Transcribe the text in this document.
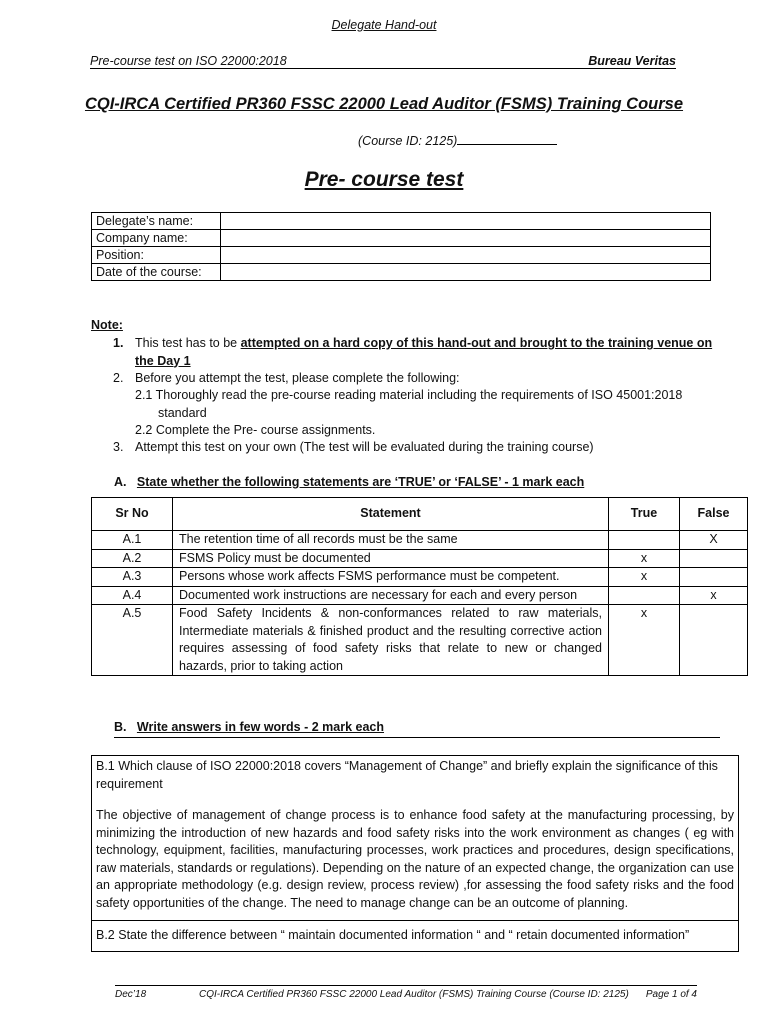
Delegate Hand-out
Pre-course test on ISO 22000:2018	Bureau Veritas
CQI-IRCA Certified PR360 FSSC 22000 Lead Auditor (FSMS) Training Course
(Course ID: 2125)
Pre- course test
Delegate’s name:	
Company name:	
Position:	
Date of the course:	
Note:
1. This test has to be attempted on a hard copy of this hand-out and brought to the training venue on
the Day 1
2. Before you attempt the test, please complete the following:
2.1 Thoroughly read the pre-course reading material including the requirements of ISO 45001:2018
standard
2.2 Complete the Pre- course assignments.
3. Attempt this test on your own (The test will be evaluated during the training course)
A. State whether the following statements are ‘TRUE’ or ‘FALSE’ - 1 mark each
Sr No	Statement	True	False
A.1	The retention time of all records must be the same		X
A.2	FSMS Policy must be documented	x	
A.3	Persons whose work affects FSMS performance must be competent.	x	
A.4	Documented work instructions are necessary for each and every person		x
A.5	Food Safety Incidents & non-conformances related to raw materials, Intermediate materials & finished product and the resulting corrective action requires assessing of food safety risks that relate to new or changed hazards, prior to taking action	x	
B. Write answers in few words - 2 mark each

B.1 Which clause of ISO 22000:2018 covers “Management of Change” and briefly explain the significance of this requirement

The objective of management of change process is to enhance food safety at the manufacturing processing, by minimizing the introduction of new hazards and food safety risks into the work environment as changes ( eg with technology, equipment, facilities, manufacturing processes, work practices and procedures, design specifications, raw materials, standards or regulations). Depending on the nature of an expected change, the organization can use an appropriate methodology (e.g. design review, process review) ,for assessing the food safety risks and the food safety opportunities of the change. The need to manage change can be an outcome of planning.

B.2 State the difference between “ maintain documented information “ and “ retain documented information”

Dec’18	CQI-IRCA Certified PR360 FSSC 22000 Lead Auditor (FSMS) Training Course (Course ID: 2125) Page 1 of 4
